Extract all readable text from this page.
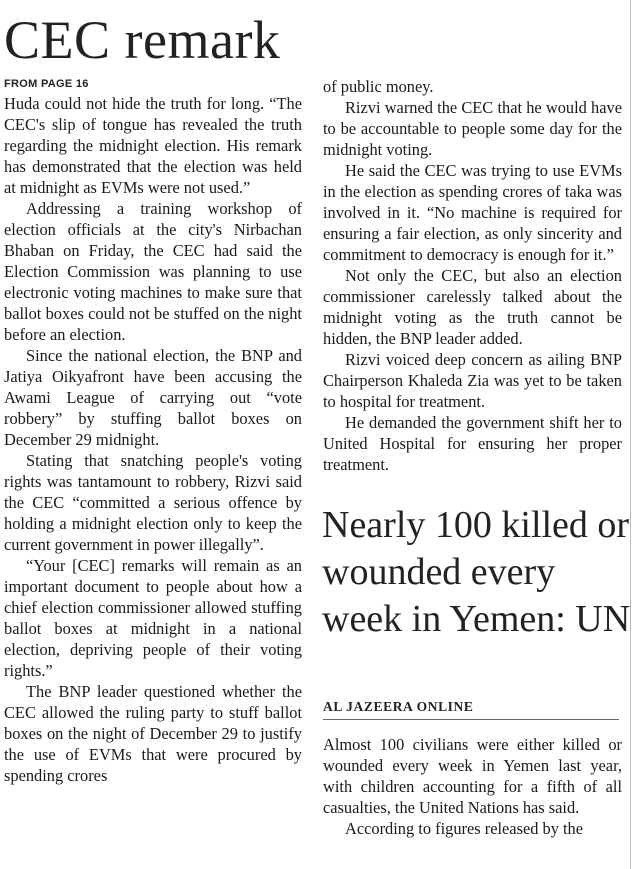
CEC remark
FROM PAGE 16

Huda could not hide the truth for long. “The CEC's slip of tongue has revealed the truth regarding the midnight election. His remark has demonstrated that the election was held at midnight as EVMs were not used.”

Addressing a training workshop of election officials at the city's Nirbachan Bhaban on Friday, the CEC had said the Election Commission was planning to use electronic voting machines to make sure that ballot boxes could not be stuffed on the night before an election.

Since the national election, the BNP and Jatiya Oikyafront have been accusing the Awami League of carrying out “vote robbery” by stuffing ballot boxes on December 29 midnight.

Stating that snatching people's voting rights was tantamount to robbery, Rizvi said the CEC “committed a serious offence by holding a midnight election only to keep the current government in power illegally”.

“Your [CEC] remarks will remain as an important document to people about how a chief election commissioner allowed stuffing ballot boxes at midnight in a national election, depriving people of their voting rights.”

The BNP leader questioned whether the CEC allowed the ruling party to stuff ballot boxes on the night of December 29 to justify the use of EVMs that were procured by spending crores

of public money.

Rizvi warned the CEC that he would have to be accountable to people some day for the midnight voting.

He said the CEC was trying to use EVMs in the election as spending crores of taka was involved in it. “No machine is required for ensuring a fair election, as only sincerity and commitment to democracy is enough for it.”

Not only the CEC, but also an election commissioner carelessly talked about the midnight voting as the truth cannot be hidden, the BNP leader added.

Rizvi voiced deep concern as ailing BNP Chairperson Khaleda Zia was yet to be taken to hospital for treatment.

He demanded the government shift her to United Hospital for ensuring her proper treatment.

Nearly 100 killed or wounded every week in Yemen: UN
AL JAZEERA ONLINE

Almost 100 civilians were either killed or wounded every week in Yemen last year, with children accounting for a fifth of all casualties, the United Nations has said.

According to figures released by the
